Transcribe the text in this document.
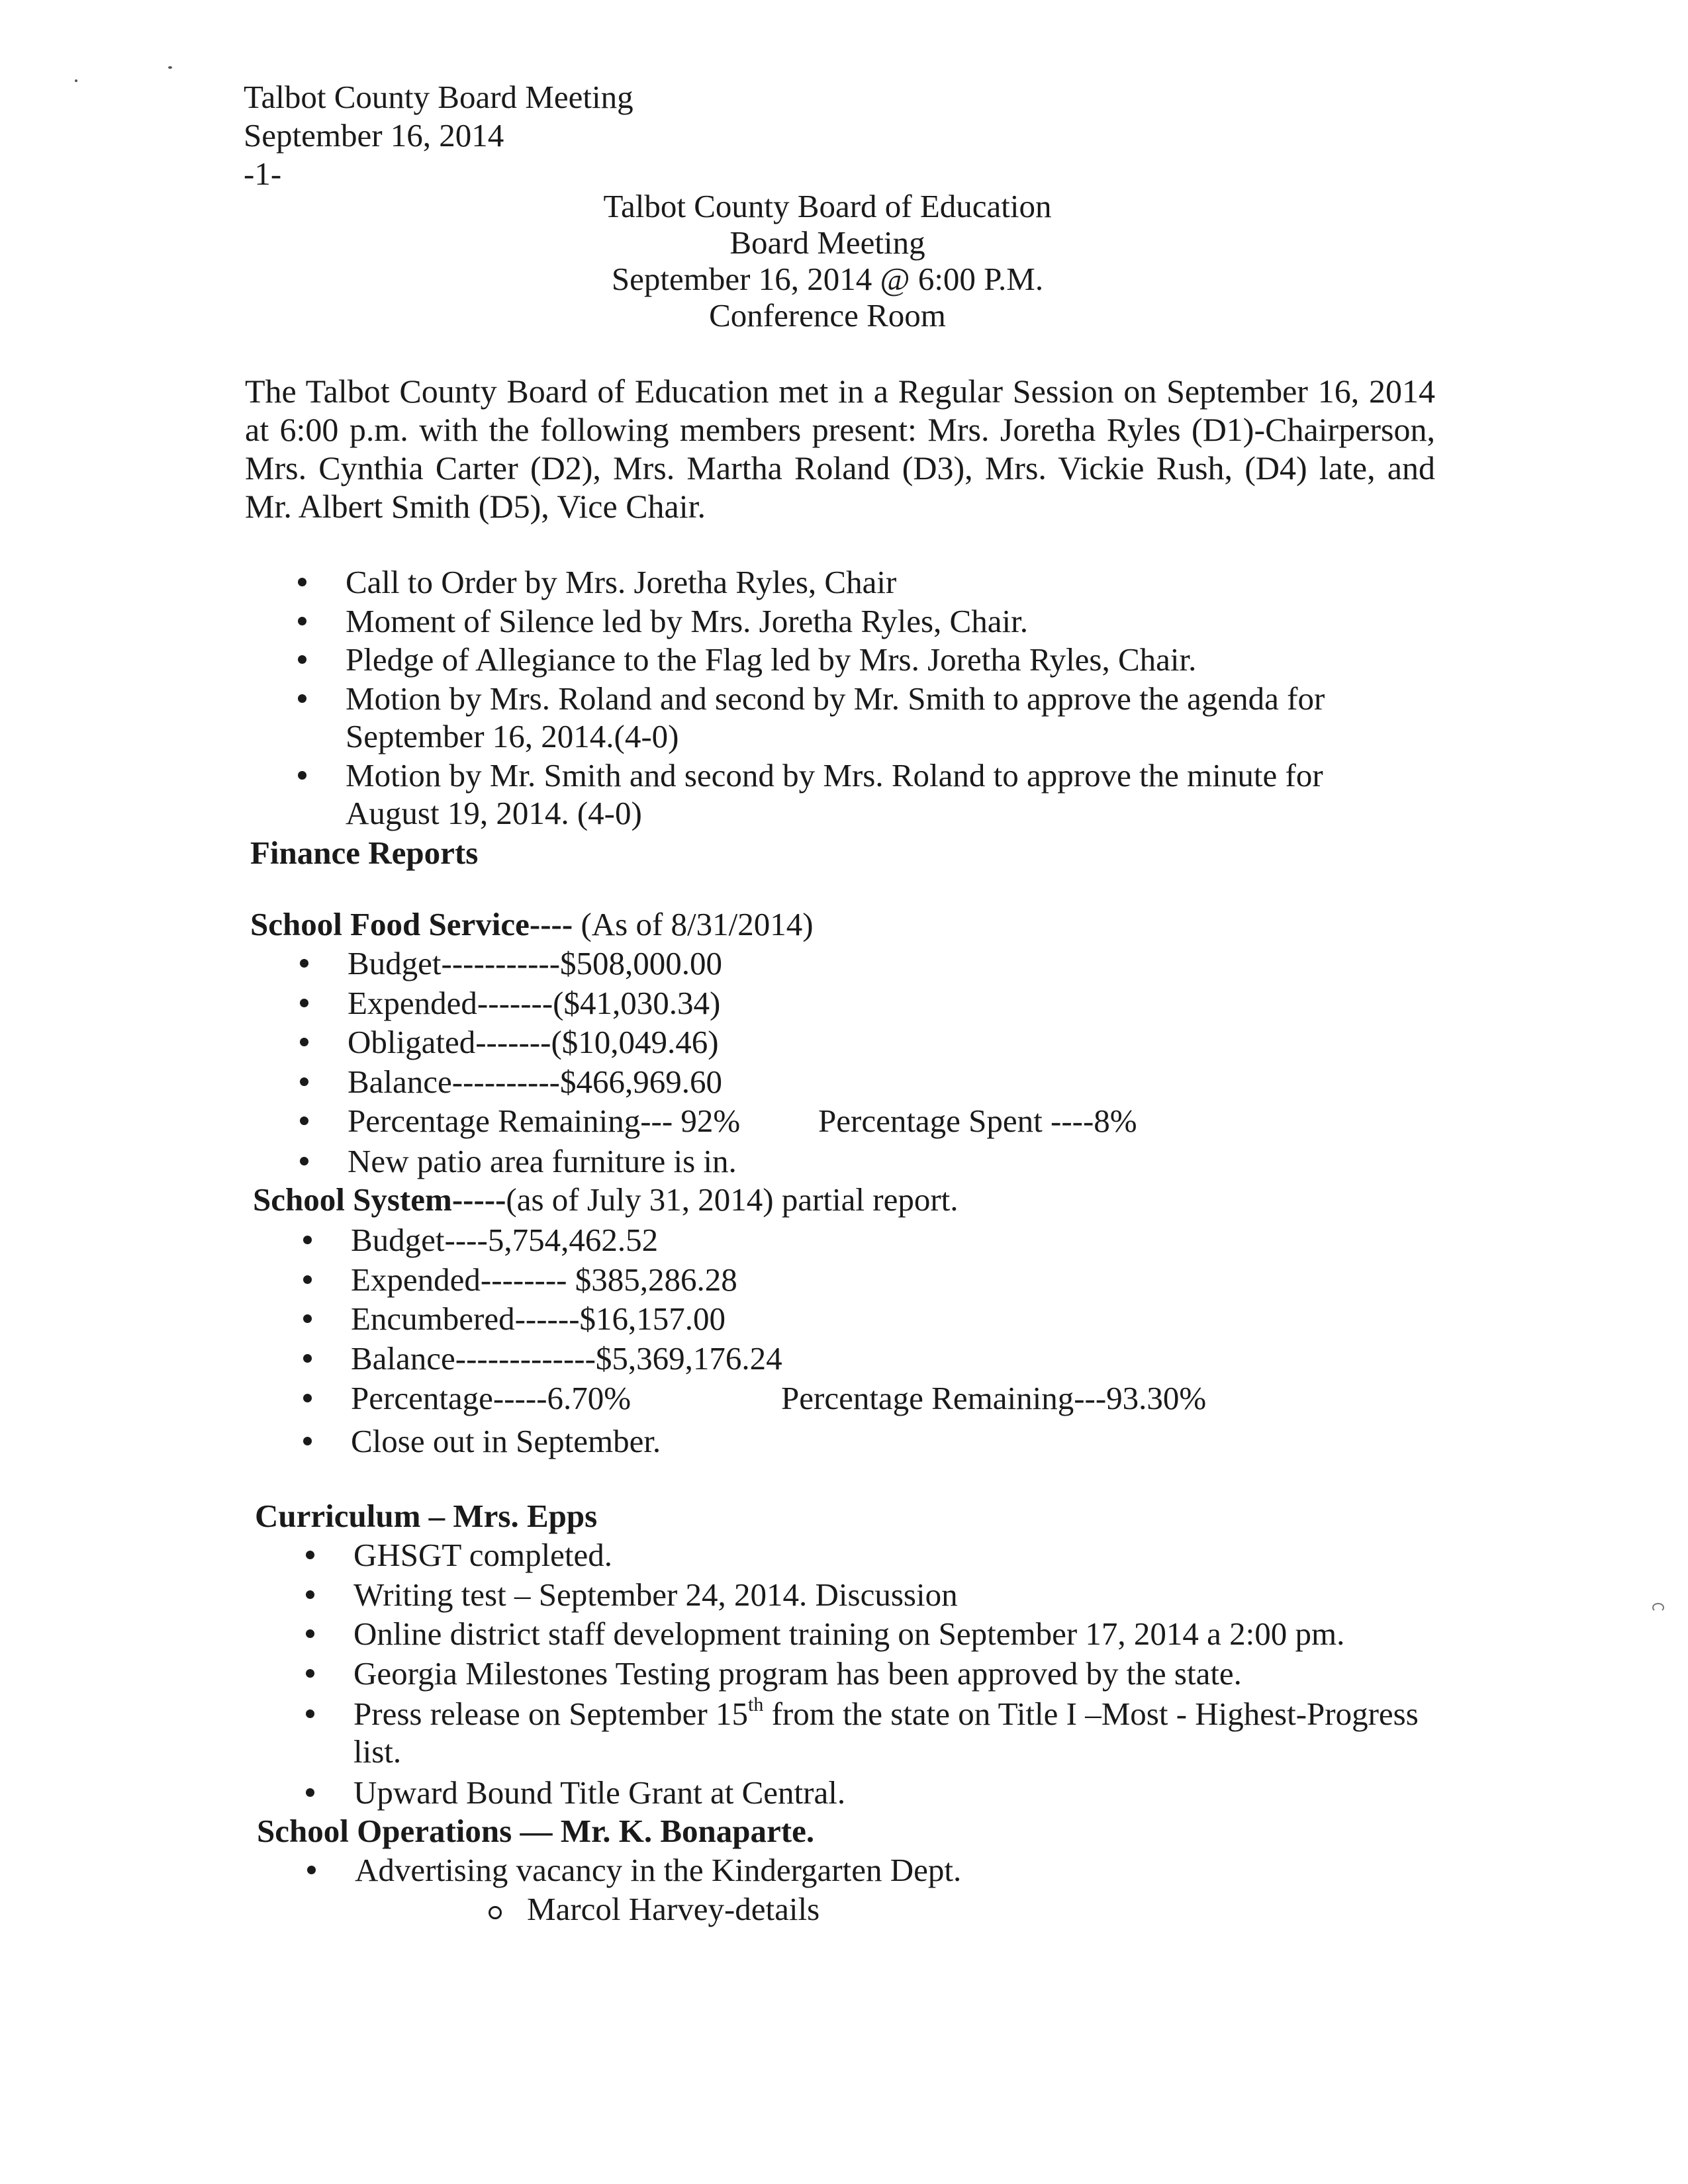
Talbot County Board Meeting
September 16, 2014
-1-
Talbot County Board of Education
Board Meeting
September 16, 2014 @ 6:00 P.M.
Conference Room
The Talbot County Board of Education met in a Regular Session on September 16, 2014 at 6:00 p.m. with the following members present: Mrs. Joretha Ryles (D1)-Chairperson, Mrs. Cynthia Carter (D2), Mrs. Martha Roland (D3), Mrs. Vickie Rush, (D4) late, and Mr. Albert Smith (D5), Vice Chair.
Call to Order by Mrs. Joretha Ryles, Chair
Moment of Silence led by Mrs. Joretha Ryles, Chair.
Pledge of Allegiance to the Flag led by Mrs. Joretha Ryles, Chair.
Motion by Mrs. Roland and second by Mr. Smith to approve the agenda for
September 16, 2014.(4-0)
Motion by Mr. Smith and second by Mrs. Roland to approve the minute for
August 19, 2014. (4-0)
Finance Reports
School Food Service---- (As of 8/31/2014)
Budget-----------$508,000.00
Expended-------($41,030.34)
Obligated-------($10,049.46)
Balance----------$466,969.60
Percentage Remaining--- 92% Percentage Spent ----8%
New patio area furniture is in.
School System-----(as of July 31, 2014) partial report.
Budget----5,754,462.52
Expended-------- $385,286.28
Encumbered------$16,157.00
Balance-------------$5,369,176.24
Percentage-----6.70%	Percentage Remaining---93.30%
Close out in September.
Curriculum – Mrs. Epps
GHSGT completed.
Writing test – September 24, 2014. Discussion
Online district staff development training on September 17, 2014 a 2:00 pm.
Georgia Milestones Testing program has been approved by the state.
Press release on September 15th from the state on Title I –Most - Highest-Progress
list.
Upward Bound Title Grant at Central.
School Operations — Mr. K. Bonaparte.
Advertising vacancy in the Kindergarten Dept.
Marcol Harvey-details
